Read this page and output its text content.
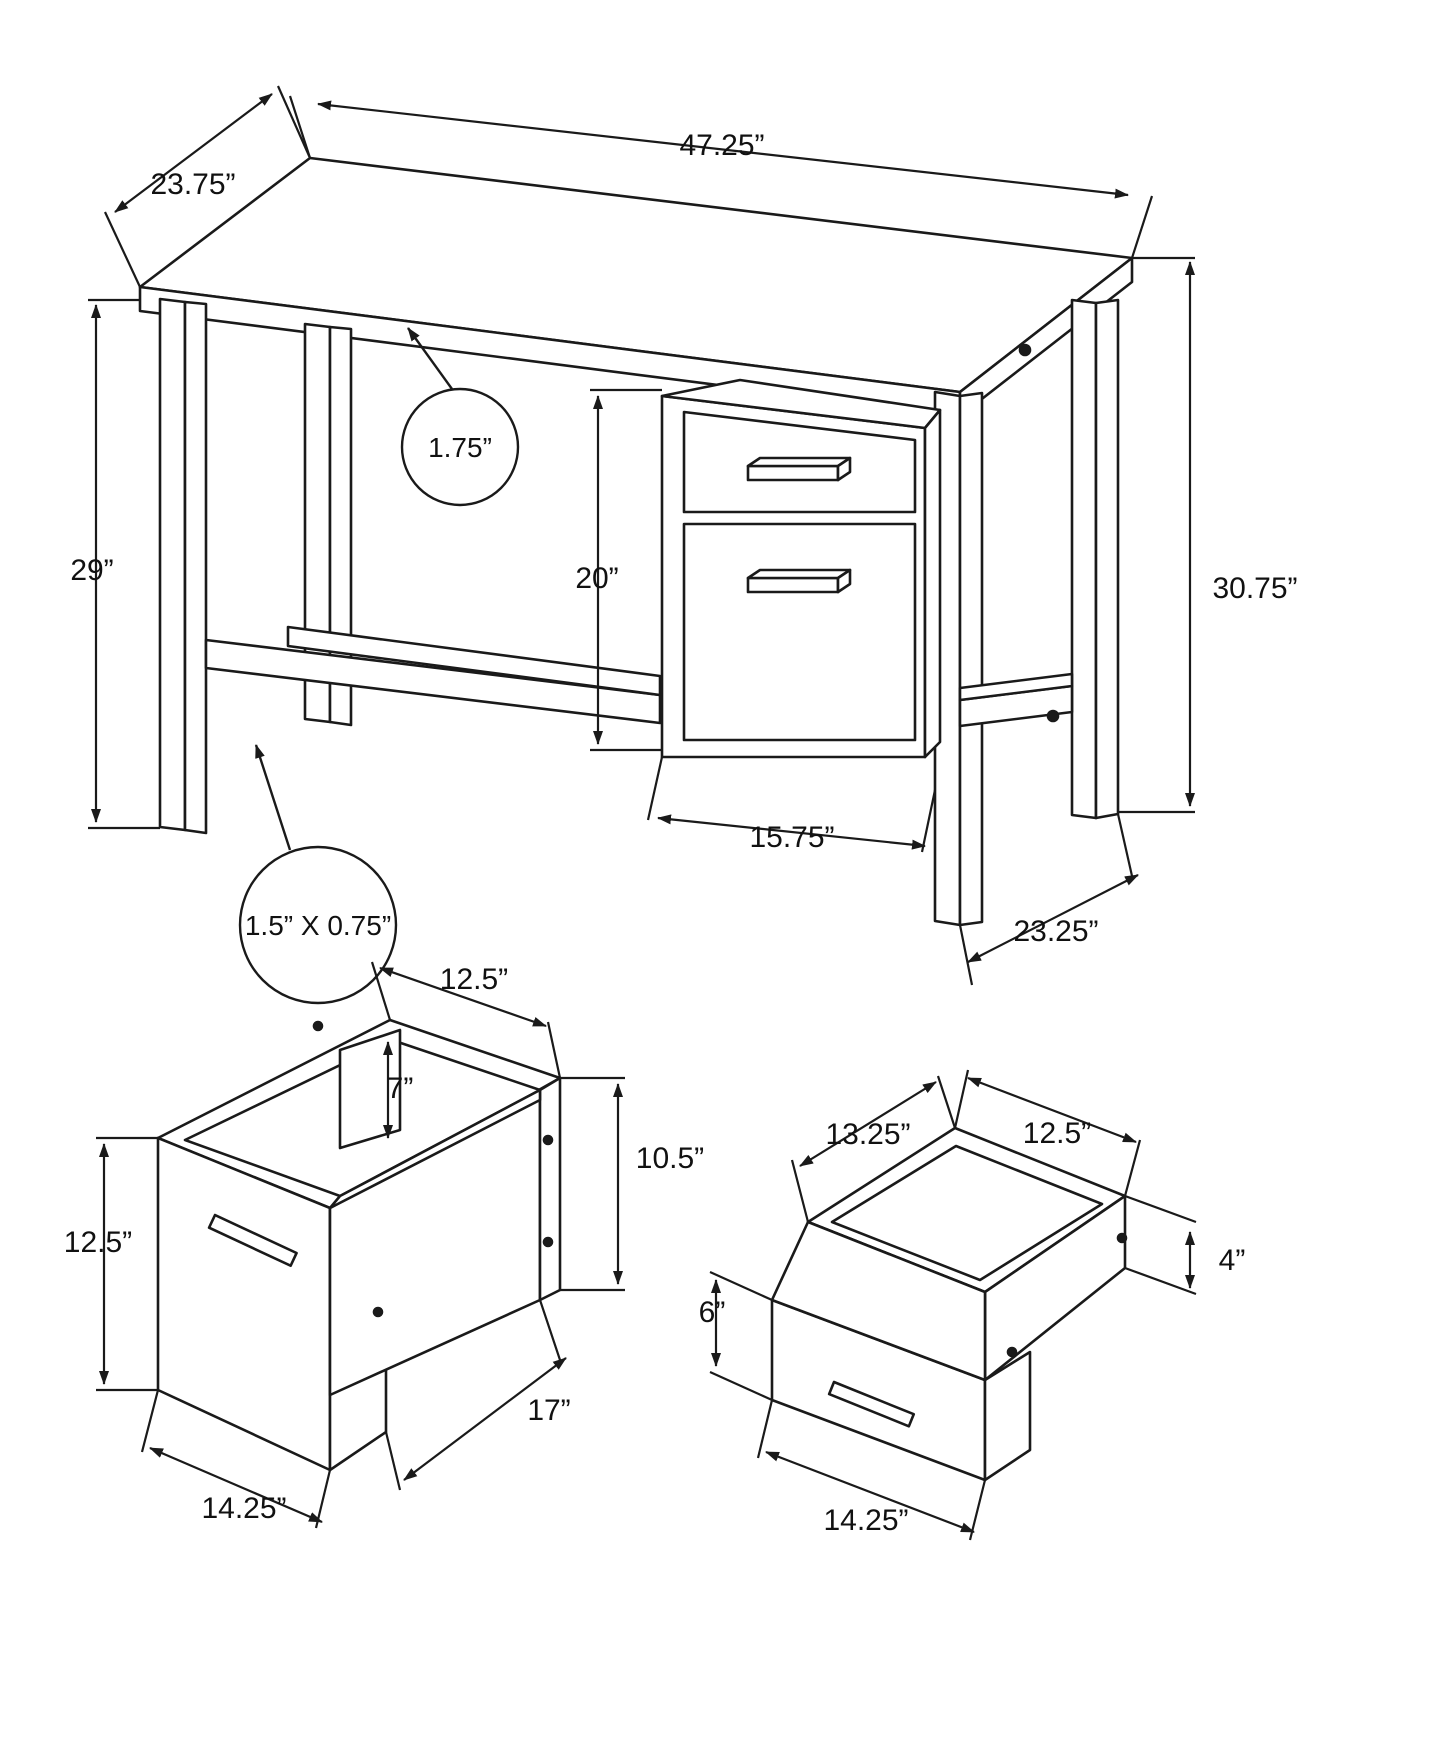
1.75”
1.5” X 0.75”
47.25”
23.75”
30.75”
29”	20”
15.75”
23.25”
12.5”
7”
10.5”
12.5”
14.25”
17”
13.25”	12.5”
4”
6”
14.25”
